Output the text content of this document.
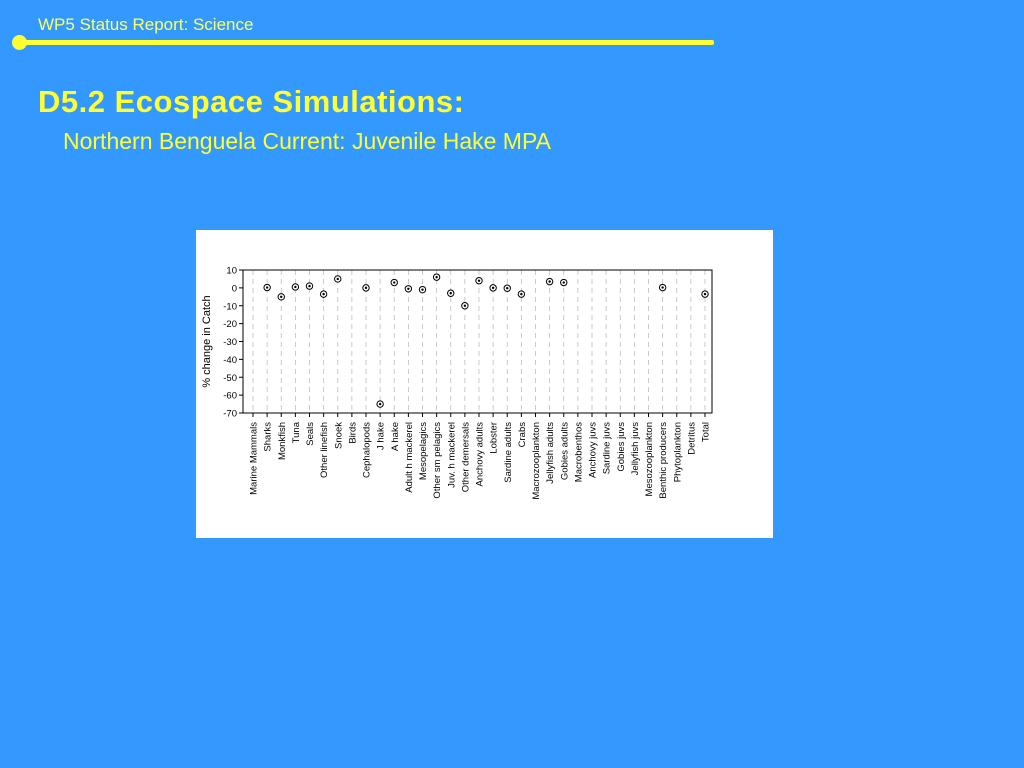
WP5 Status Report: Science
D5.2 Ecospace Simulations:
Northern Benguela Current: Juvenile Hake MPA
Marine Mammals Sharks Monkfish Tuna Seals Other linefish Snoek Birds Cephalopods J hake A hake Adult h mackerel Mesopelagics Other sm pelagics Juv. h mackerel Other demersals Anchovy adults Lobster Sardine adults Crabs Macrozooplankton Jellyfish adults Gobies adults Macrobenthos Anchovy juvs Sardine juvs Gobies juvs Jellyfish juvs Mesozooplankton Benthic producers Phytoplankton Detritus Total
10
0
-10
-20
-30
-40
-50
-60
-70
% change in Catch
